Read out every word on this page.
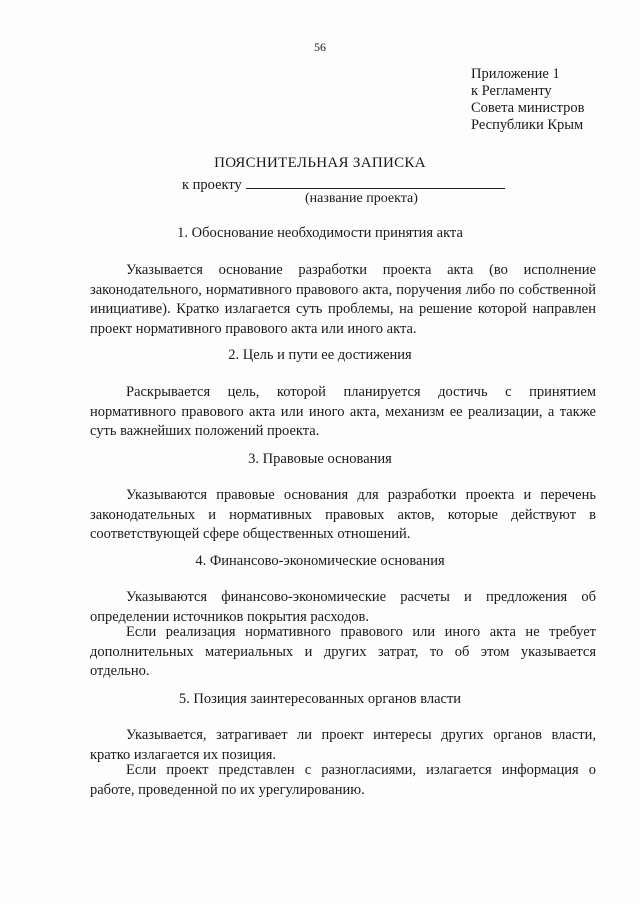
56
Приложение 1
к Регламенту
Совета министров
Республики Крым
ПОЯСНИТЕЛЬНАЯ ЗАПИСКА
к проекту
(название проекта)
1. Обоснование необходимости принятия акта
Указывается основание разработки проекта акта (во исполнение законодательного, нормативного правового акта, поручения либо по собственной инициативе). Кратко излагается суть проблемы, на решение которой направлен проект нормативного правового акта или иного акта.
2. Цель и пути ее достижения
Раскрывается цель, которой планируется достичь с принятием нормативного правового акта или иного акта, механизм ее реализации, а также суть важнейших положений проекта.
3. Правовые основания
Указываются правовые основания для разработки проекта и перечень законодательных и нормативных правовых актов, которые действуют в соответствующей сфере общественных отношений.
4. Финансово-экономические основания
Указываются финансово-экономические расчеты и предложения об определении источников покрытия расходов.
Если реализация нормативного правового или иного акта не требует дополнительных материальных и других затрат, то об этом указывается отдельно.
5. Позиция заинтересованных органов власти
Указывается, затрагивает ли проект интересы других органов власти, кратко излагается их позиция.
Если проект представлен с разногласиями, излагается информация о работе, проведенной по их урегулированию.
